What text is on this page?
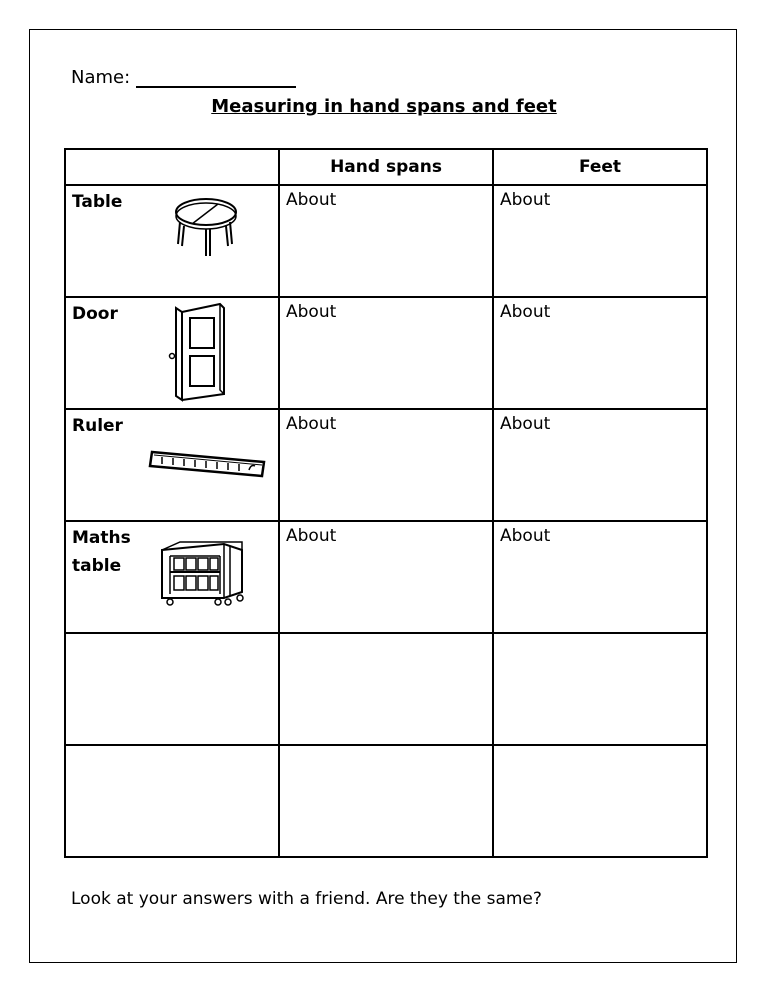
Name:
Measuring in hand spans and feet
	Hand spans	Feet

Table	About	About

Door	About	About

Ruler	About	About

Maths table	About	About

Look at your answers with a friend. Are they the same?
